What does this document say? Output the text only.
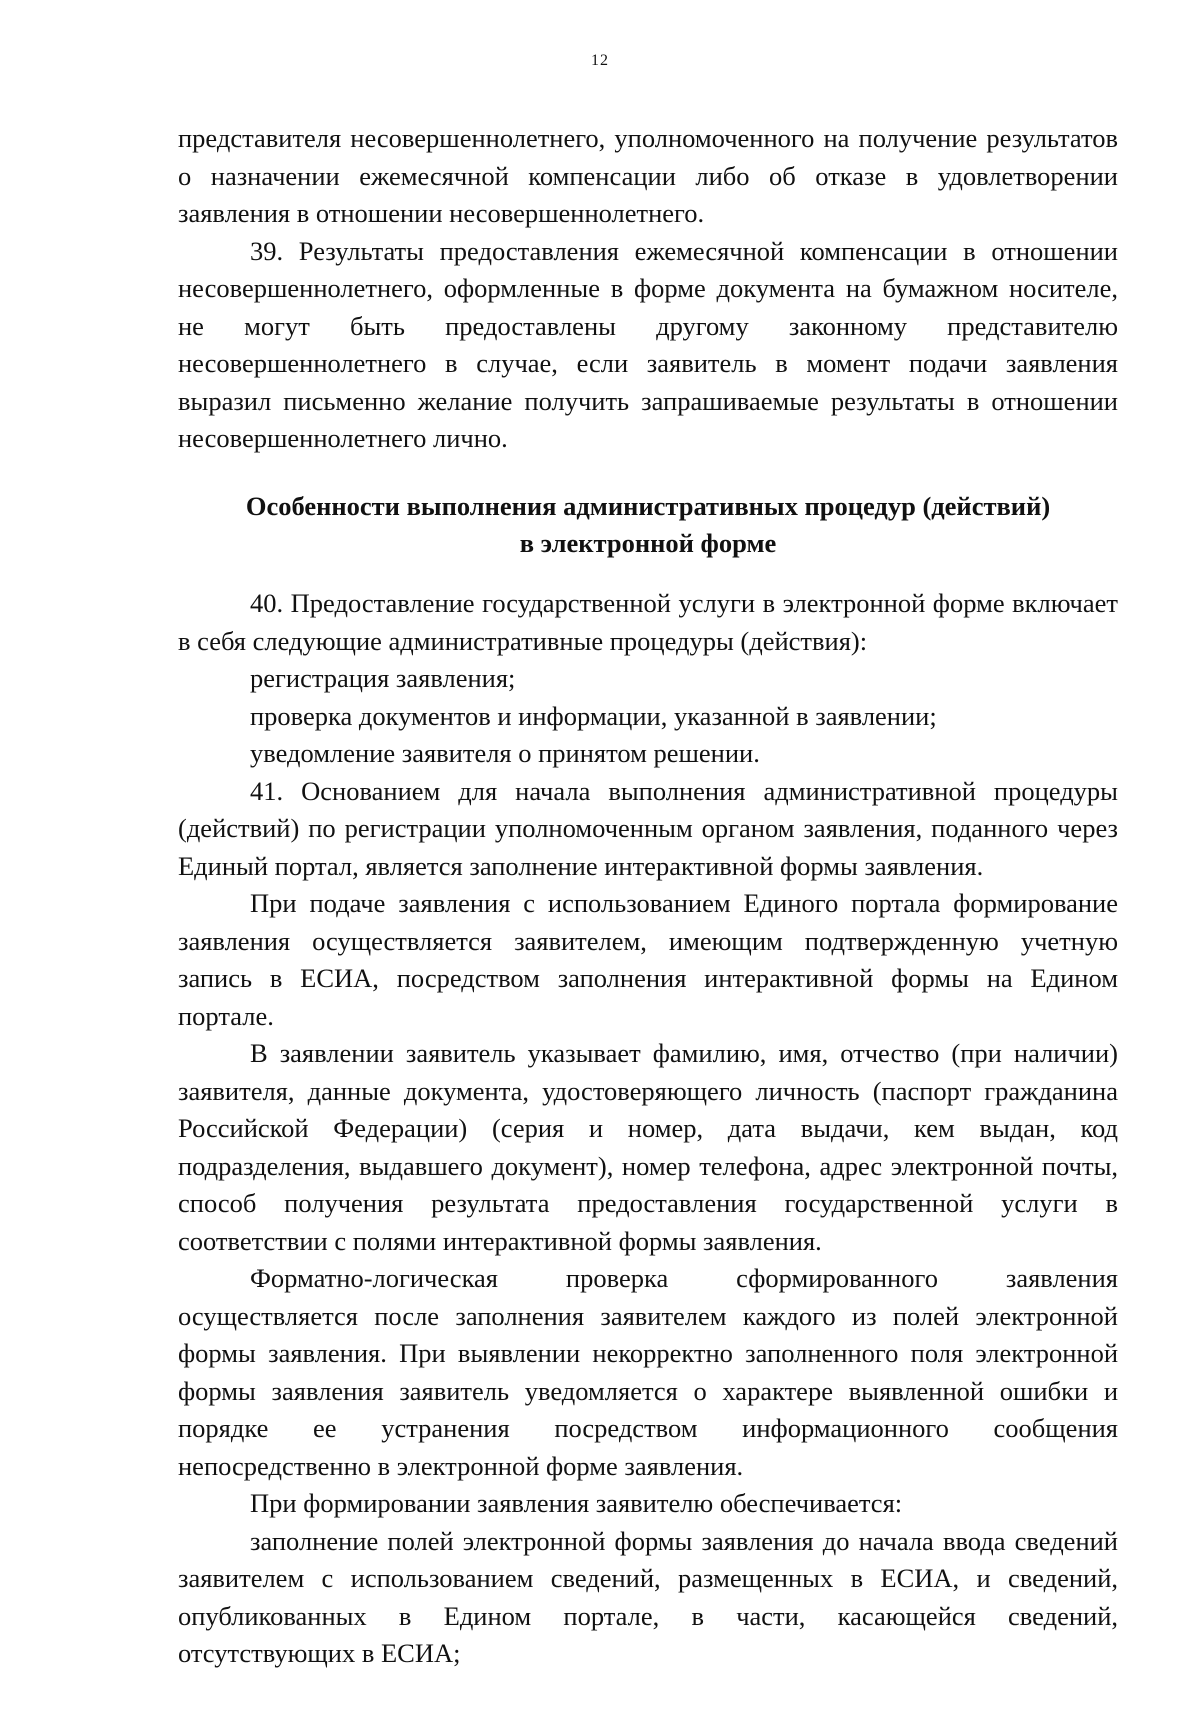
12

представителя несовершеннолетнего, уполномоченного на получение результатов о назначении ежемесячной компенсации либо об отказе в удовлетворении заявления в отношении несовершеннолетнего.

39. Результаты предоставления ежемесячной компенсации в отношении несовершеннолетнего, оформленные в форме документа на бумажном носителе, не могут быть предоставлены другому законному представителю несовершеннолетнего в случае, если заявитель в момент подачи заявления выразил письменно желание получить запрашиваемые результаты в отношении несовершеннолетнего лично.

Особенности выполнения административных процедур (действий)
в электронной форме

40. Предоставление государственной услуги в электронной форме включает в себя следующие административные процедуры (действия):

регистрация заявления;

проверка документов и информации, указанной в заявлении;

уведомление заявителя о принятом решении.

41. Основанием для начала выполнения административной процедуры (действий) по регистрации уполномоченным органом заявления, поданного через Единый портал, является заполнение интерактивной формы заявления.

При подаче заявления с использованием Единого портала формирование заявления осуществляется заявителем, имеющим подтвержденную учетную запись в ЕСИА, посредством заполнения интерактивной формы на Едином портале.

В заявлении заявитель указывает фамилию, имя, отчество (при наличии) заявителя, данные документа, удостоверяющего личность (паспорт гражданина Российской Федерации) (серия и номер, дата выдачи, кем выдан, код подразделения, выдавшего документ), номер телефона, адрес электронной почты, способ получения результата предоставления государственной услуги в соответствии с полями интерактивной формы заявления.

Форматно-логическая проверка сформированного заявления осуществляется после заполнения заявителем каждого из полей электронной формы заявления. При выявлении некорректно заполненного поля электронной формы заявления заявитель уведомляется о характере выявленной ошибки и порядке ее устранения посредством информационного сообщения непосредственно в электронной форме заявления.

При формировании заявления заявителю обеспечивается:

заполнение полей электронной формы заявления до начала ввода сведений заявителем с использованием сведений, размещенных в ЕСИА, и сведений, опубликованных в Едином портале, в части, касающейся сведений, отсутствующих в ЕСИА;
